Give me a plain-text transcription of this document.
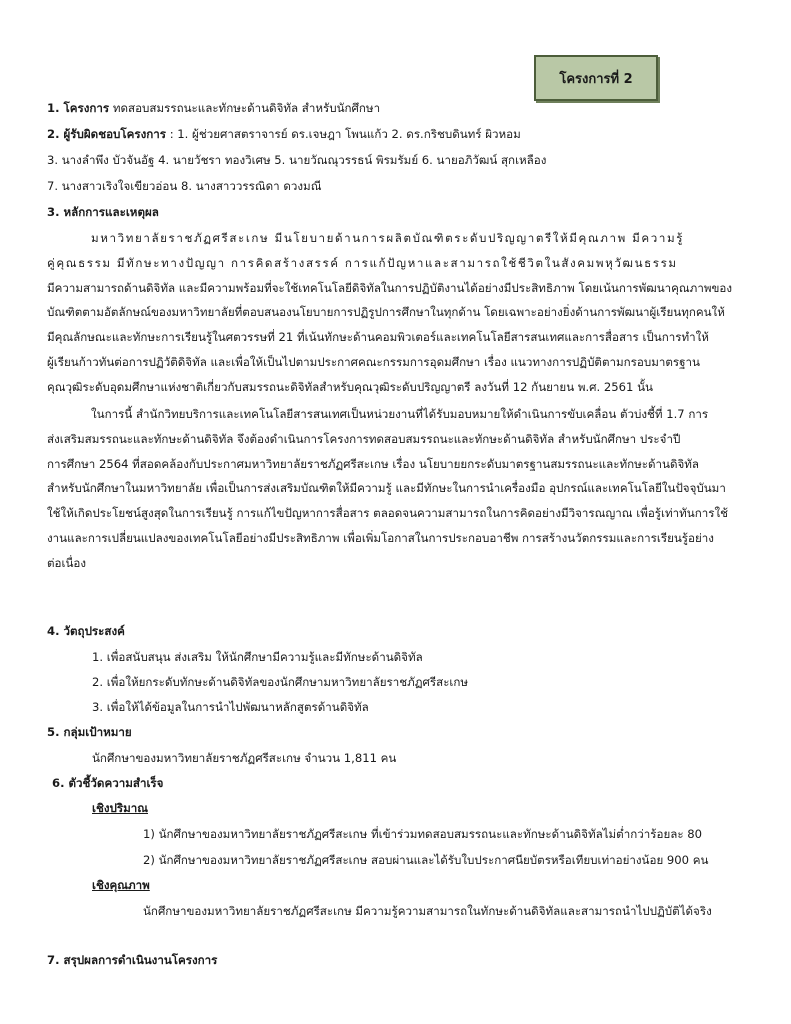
โครงการที่ 2
1. โครงการ ทดสอบสมรรถนะและทักษะด้านดิจิทัล สำหรับนักศึกษา
2. ผู้รับผิดชอบโครงการ : 1. ผู้ช่วยศาสตราจารย์ ดร.เจษฎา โพนแก้ว 2. ดร.กริชบดินทร์ ผิวหอม
3. นางลำพึง บัวจันอัฐ 4. นายวัชรา ทองวิเศษ 5. นายวัณณุวรรธน์ พิรมรัมย์ 6. นายอภิวัฒน์ สุกเหลือง
7. นางสาวเริงใจเขียวอ่อน 8. นางสาววรรณิดา ดวงมณี
3. หลักการและเหตุผล
มหาวิทยาลัยราชภัฏศรีสะเกษ มีนโยบายด้านการผลิตบัณฑิตระดับปริญญาตรีให้มีคุณภาพ มีความรู้
คู่คุณธรรม มีทักษะทางปัญญา การคิดสร้างสรรค์ การแก้ปัญหาและสามารถใช้ชีวิตในสังคมพหุวัฒนธรรม
มีความสามารถด้านดิจิทัล และมีความพร้อมที่จะใช้เทคโนโลยีดิจิทัลในการปฏิบัติงานได้อย่างมีประสิทธิภาพ โดยเน้นการพัฒนาคุณภาพของ
บัณฑิตตามอัตลักษณ์ของมหาวิทยาลัยที่ตอบสนองนโยบายการปฏิรูปการศึกษาในทุกด้าน โดยเฉพาะอย่างยิ่งด้านการพัฒนาผู้เรียนทุกคนให้
มีคุณลักษณะและทักษะการเรียนรู้ในศตวรรษที่ 21 ที่เน้นทักษะด้านคอมพิวเตอร์และเทคโนโลยีสารสนเทศและการสื่อสาร เป็นการทำให้
ผู้เรียนก้าวทันต่อการปฏิวัติดิจิทัล และเพื่อให้เป็นไปตามประกาศคณะกรรมการอุดมศึกษา เรื่อง แนวทางการปฏิบัติตามกรอบมาตรฐาน
คุณวุฒิระดับอุดมศึกษาแห่งชาติเกี่ยวกับสมรรถนะดิจิทัลสำหรับคุณวุฒิระดับปริญญาตรี ลงวันที่ 12 กันยายน พ.ศ. 2561 นั้น
ในการนี้ สำนักวิทยบริการและเทคโนโลยีสารสนเทศเป็นหน่วยงานที่ได้รับมอบหมายให้ดำเนินการขับเคลื่อน ตัวบ่งชี้ที่ 1.7 การ
ส่งเสริมสมรรถนะและทักษะด้านดิจิทัล จึงต้องดำเนินการโครงการทดสอบสมรรถนะและทักษะด้านดิจิทัล สำหรับนักศึกษา ประจำปี
การศึกษา 2564 ที่สอดคล้องกับประกาศมหาวิทยาลัยราชภัฏศรีสะเกษ เรื่อง นโยบายยกระดับมาตรฐานสมรรถนะและทักษะด้านดิจิทัล
สำหรับนักศึกษาในมหาวิทยาลัย เพื่อเป็นการส่งเสริมบัณฑิตให้มีความรู้ และมีทักษะในการนำเครื่องมือ อุปกรณ์และเทคโนโลยีในปัจจุบันมา
ใช้ให้เกิดประโยชน์สูงสุดในการเรียนรู้ การแก้ไขปัญหาการสื่อสาร ตลอดจนความสามารถในการคิดอย่างมีวิจารณญาณ เพื่อรู้เท่าทันการใช้
งานและการเปลี่ยนแปลงของเทคโนโลยีอย่างมีประสิทธิภาพ เพื่อเพิ่มโอกาสในการประกอบอาชีพ การสร้างนวัตกรรมและการเรียนรู้อย่าง
ต่อเนื่อง
4. วัตถุประสงค์
1. เพื่อสนับสนุน ส่งเสริม ให้นักศึกษามีความรู้และมีทักษะด้านดิจิทัล
2. เพื่อให้ยกระดับทักษะด้านดิจิทัลของนักศึกษามหาวิทยาลัยราชภัฏศรีสะเกษ
3. เพื่อให้ได้ข้อมูลในการนำไปพัฒนาหลักสูตรด้านดิจิทัล
5. กลุ่มเป้าหมาย
นักศึกษาของมหาวิทยาลัยราชภัฏศรีสะเกษ จำนวน 1,811 คน
6. ตัวชี้วัดความสำเร็จ
เชิงปริมาณ
1) นักศึกษาของมหาวิทยาลัยราชภัฏศรีสะเกษ ที่เข้าร่วมทดสอบสมรรถนะและทักษะด้านดิจิทัลไม่ต่ำกว่าร้อยละ 80
2) นักศึกษาของมหาวิทยาลัยราชภัฏศรีสะเกษ สอบผ่านและได้รับใบประกาศนียบัตรหรือเทียบเท่าอย่างน้อย 900 คน
เชิงคุณภาพ
นักศึกษาของมหาวิทยาลัยราชภัฏศรีสะเกษ มีความรู้ความสามารถในทักษะด้านดิจิทัลและสามารถนำไปปฏิบัติได้จริง
7. สรุปผลการดำเนินงานโครงการ
